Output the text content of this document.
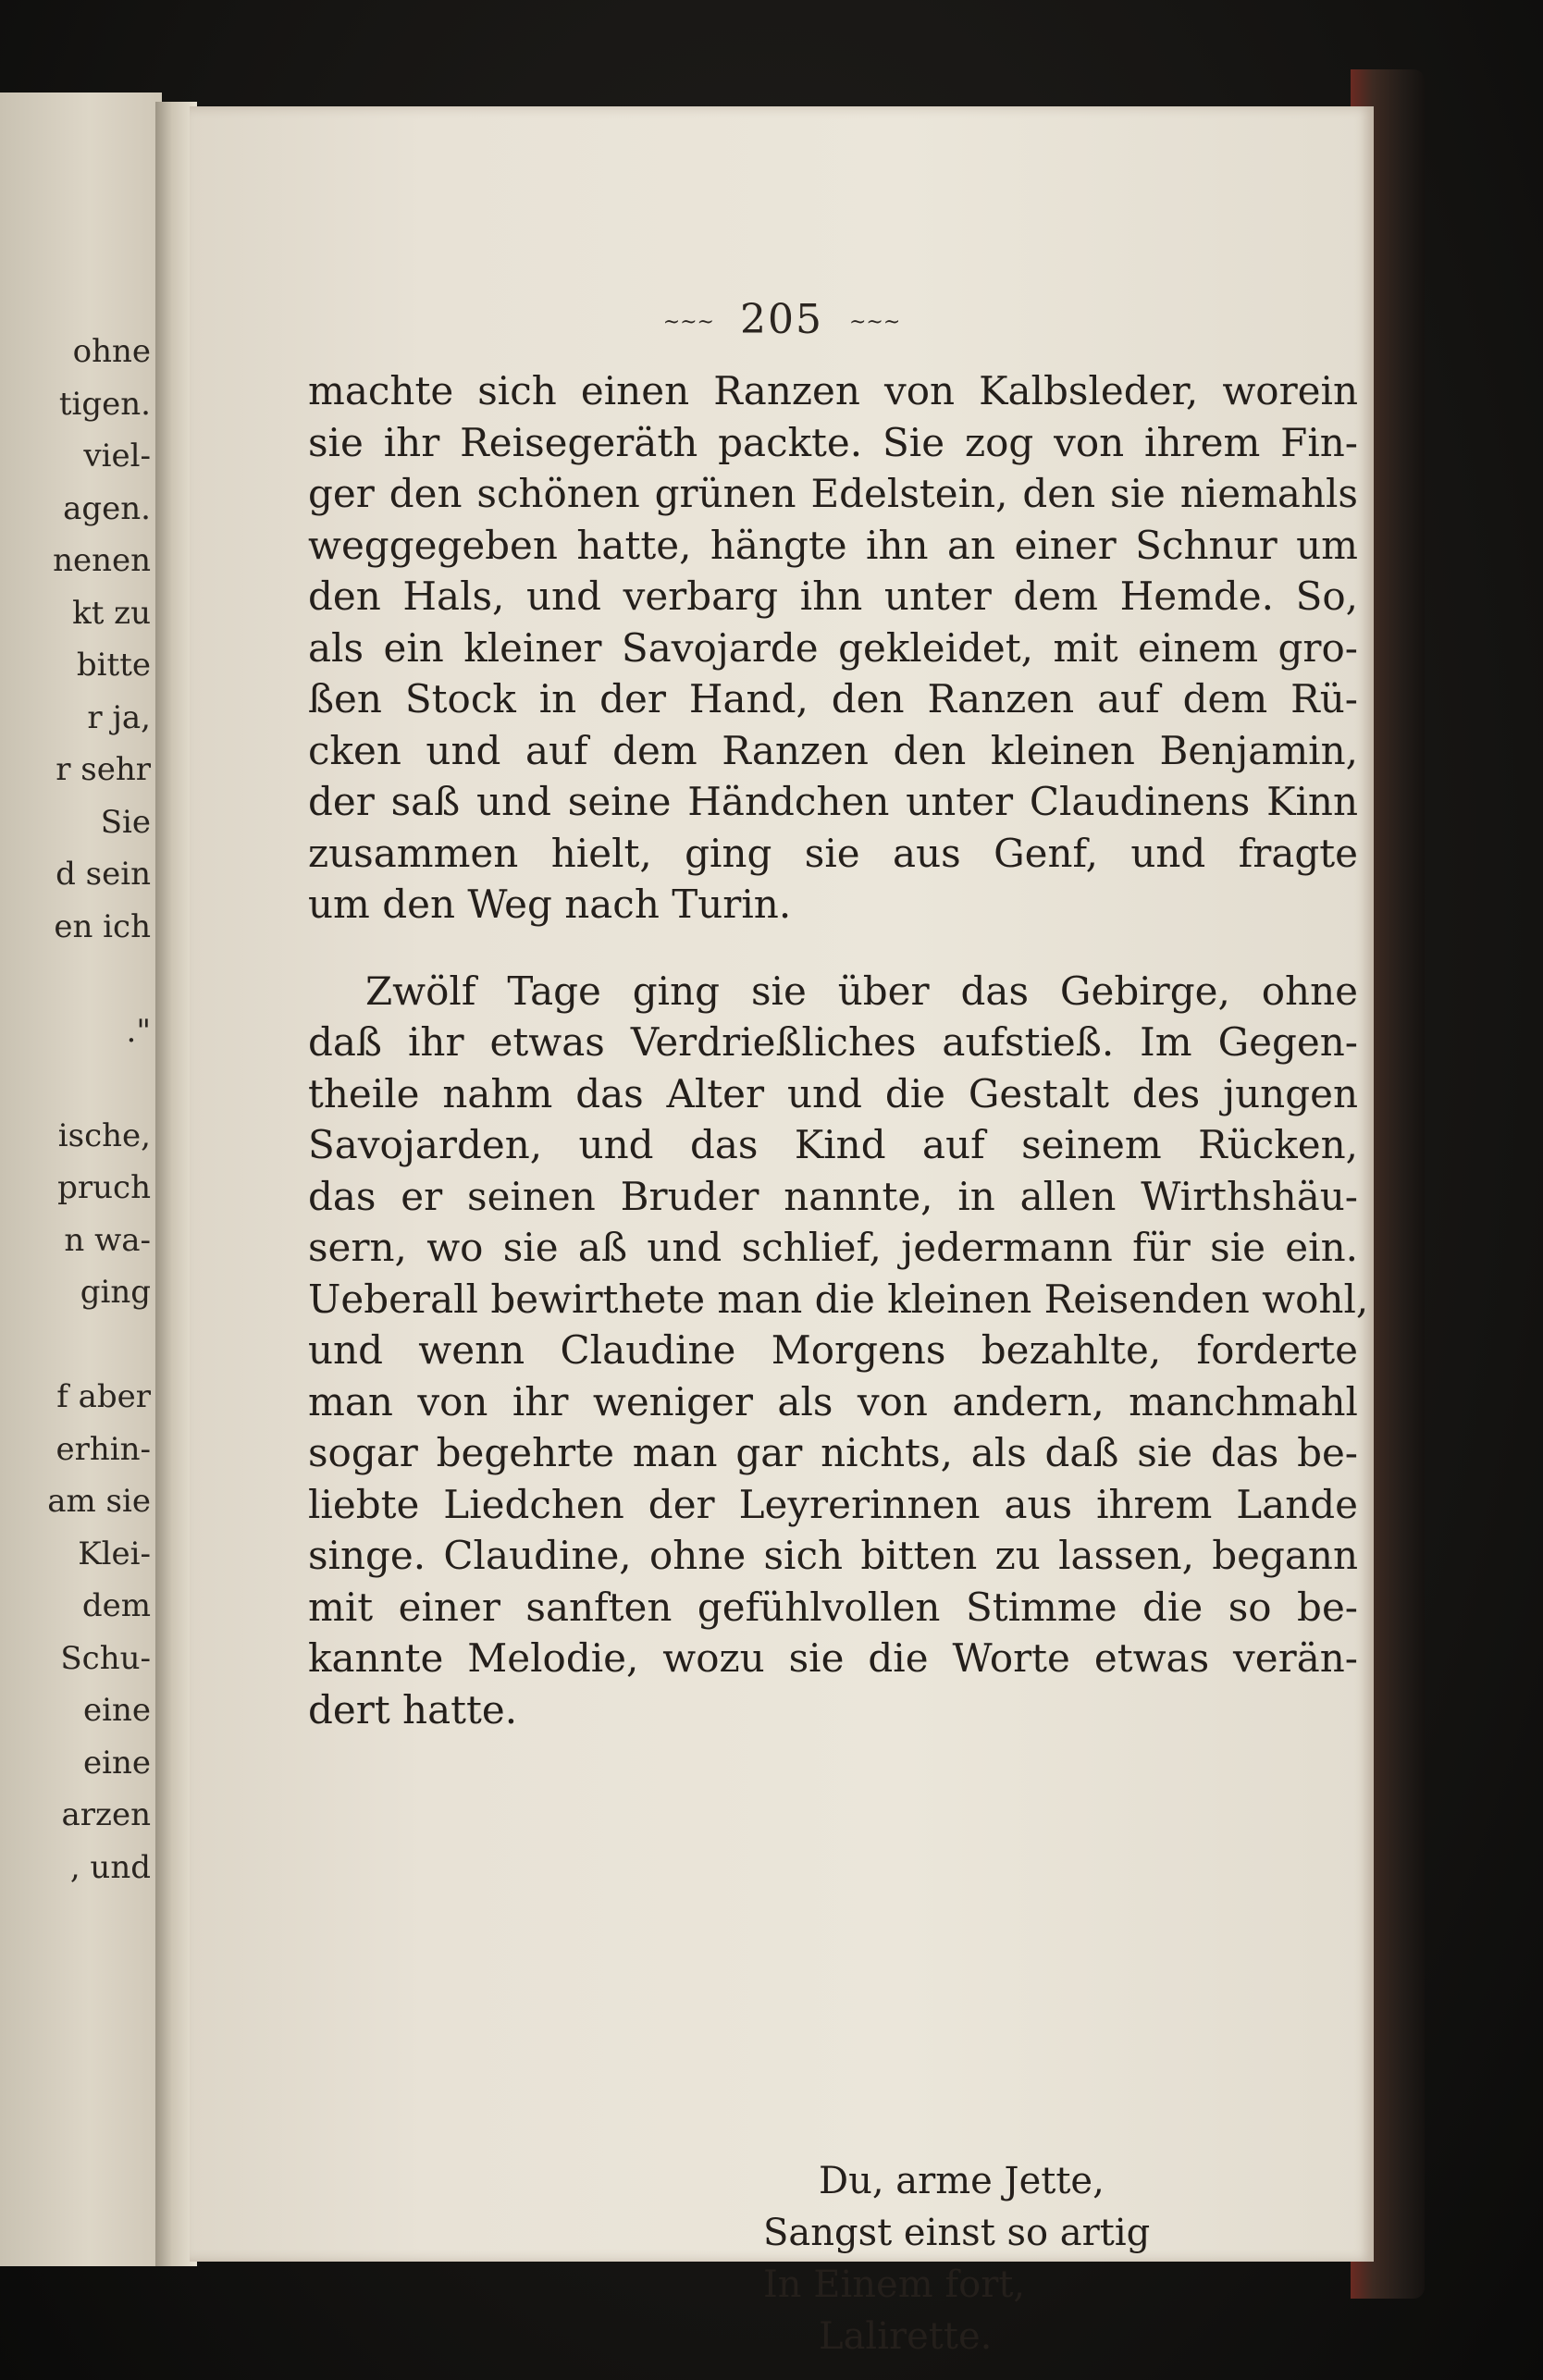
ohne
tigen.
viel-
agen.
nenen
kt zu
bitte
r ja,
r sehr
Sie
d sein
en ich
."
ische,
pruch
n wa-
ging
f aber
erhin-
am sie
Klei-
dem
Schu-
eine
eine
arzen
, und
~~~ 205 ~~~
machte sich einen Ranzen von Kalbsleder, worein
sie ihr Reisegeräth packte. Sie zog von ihrem Fin-
ger den schönen grünen Edelstein, den sie niemahls
weggegeben hatte, hängte ihn an einer Schnur um
den Hals, und verbarg ihn unter dem Hemde. So,
als ein kleiner Savojarde gekleidet, mit einem gro-
ßen Stock in der Hand, den Ranzen auf dem Rü-
cken und auf dem Ranzen den kleinen Benjamin,
der saß und seine Händchen unter Claudinens Kinn
zusammen hielt, ging sie aus Genf, und fragte
um den Weg nach Turin.
Zwölf Tage ging sie über das Gebirge, ohne
daß ihr etwas Verdrießliches aufstieß. Im Gegen-
theile nahm das Alter und die Gestalt des jungen
Savojarden, und das Kind auf seinem Rücken,
das er seinen Bruder nannte, in allen Wirthshäu-
sern, wo sie aß und schlief, jedermann für sie ein.
Ueberall bewirthete man die kleinen Reisenden wohl,
und wenn Claudine Morgens bezahlte, forderte
man von ihr weniger als von andern, manchmahl
sogar begehrte man gar nichts, als daß sie das be-
liebte Liedchen der Leyrerinnen aus ihrem Lande
singe. Claudine, ohne sich bitten zu lassen, begann
mit einer sanften gefühlvollen Stimme die so be-
kannte Melodie, wozu sie die Worte etwas verän-
dert hatte.
Du, arme Jette,
Sangst einst so artig
In Einem fort,
Lalirette.
